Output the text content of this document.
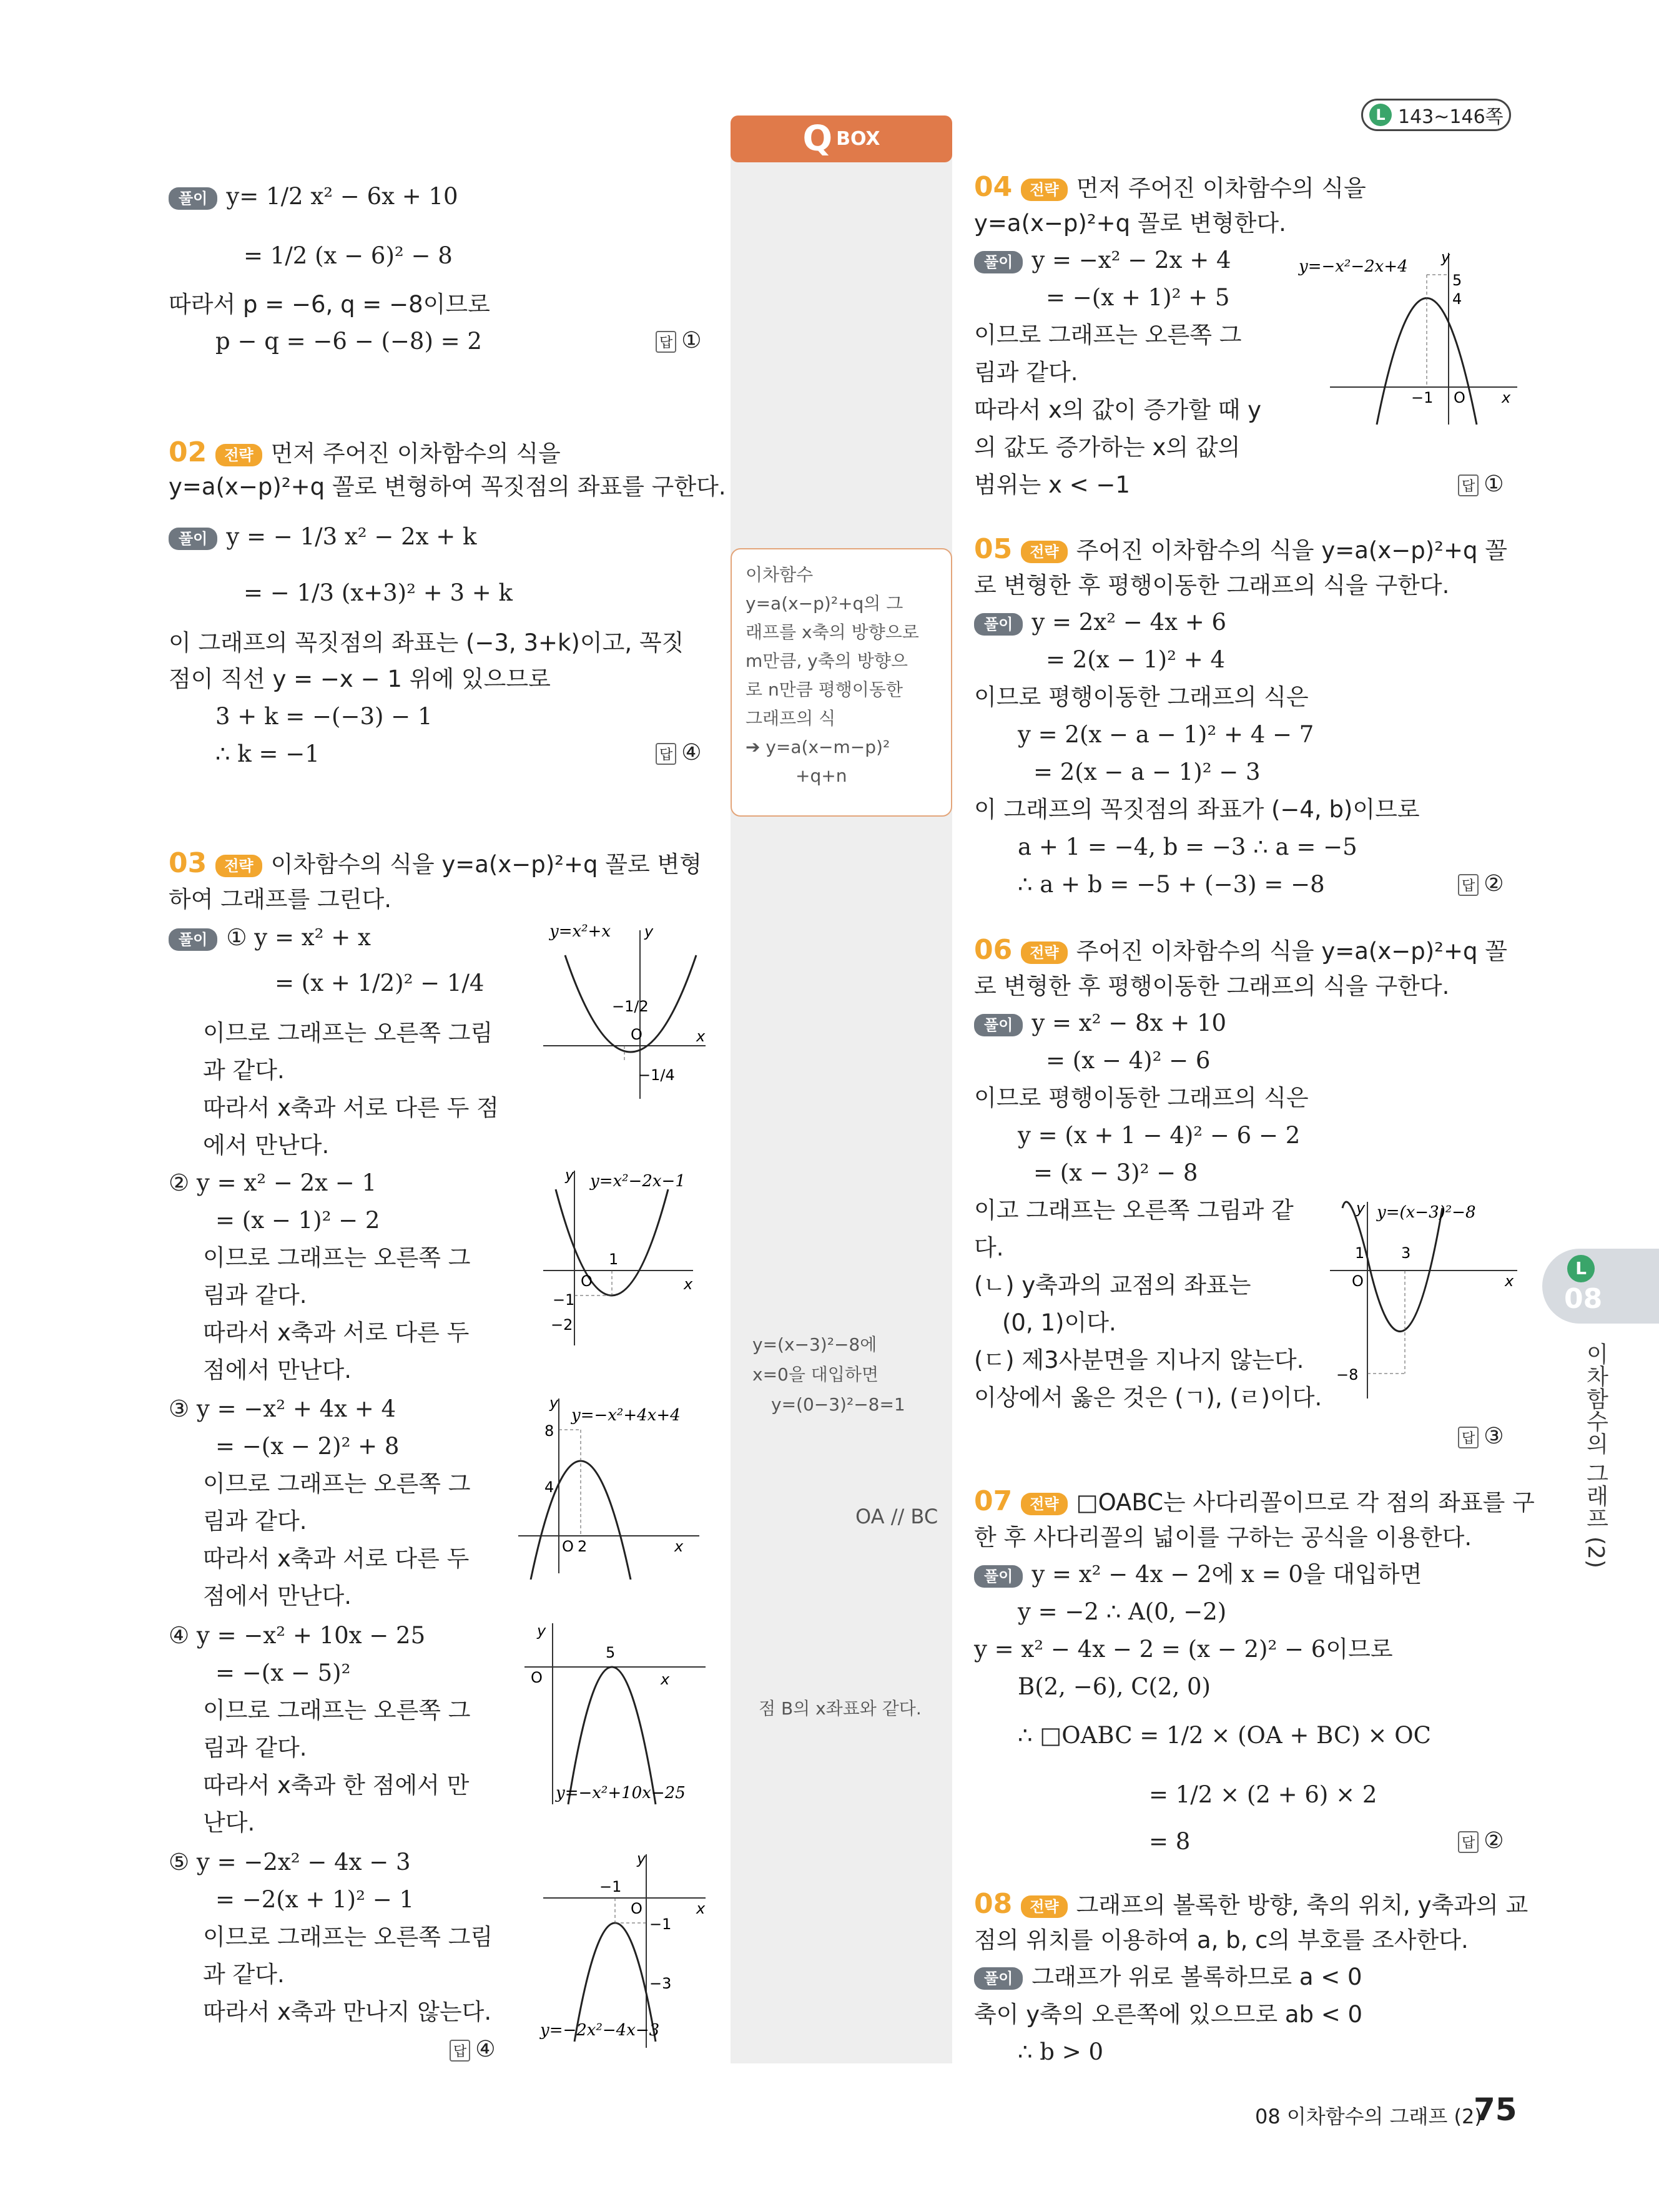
L 143~146쪽
Q BOX
풀이 y= 1/2 x² − 6x + 10
= 1/2 (x − 6)² − 8
따라서 p = −6, q = −8이므로
p − q = −6 − (−8) = 2	답 ①
02 전략 먼저 주어진 이차함수의 식을
y=a(x−p)²+q 꼴로 변형하여 꼭짓점의 좌표를 구한다.
풀이 y = − 1/3 x² − 2x + k
= − 1/3 (x+3)² + 3 + k
이 그래프의 꼭짓점의 좌표는 (−3, 3+k)이고, 꼭짓
점이 직선 y = −x − 1 위에 있으므로
3 + k = −(−3) − 1
∴ k = −1	답 ④
03 전략 이차함수의 식을 y=a(x−p)²+q 꼴로 변형
하여 그래프를 그린다.
풀이 ① y = x² + x
= (x + 1/2)² − 1/4
이므로 그래프는 오른쪽 그림
과 같다.
따라서 x축과 서로 다른 두 점
에서 만난다.
② y = x² − 2x − 1
= (x − 1)² − 2
이므로 그래프는 오른쪽 그
림과 같다.
따라서 x축과 서로 다른 두
점에서 만난다.
③ y = −x² + 4x + 4
= −(x − 2)² + 8
이므로 그래프는 오른쪽 그
림과 같다.
따라서 x축과 서로 다른 두
점에서 만난다.
④ y = −x² + 10x − 25
= −(x − 5)²
이므로 그래프는 오른쪽 그
림과 같다.
따라서 x축과 한 점에서 만
난다.
⑤ y = −2x² − 4x − 3
= −2(x + 1)² − 1
이므로 그래프는 오른쪽 그림
과 같다.
따라서 x축과 만나지 않는다.
답 ④
y=x²+x y
−1/2
−1/4
O	x
y=x²−2x−1
y
1
−1
−2
O	x
y=−x²+4x+4
y
8
4
O 2	x
y
5
O	x
y=−x²+10x−25
y
−1
−1
−3
O	x
y=−2x²−4x−3
이차함수
y=a(x−p)²+q의 그
래프를 x축의 방향으로
m만큼, y축의 방향으
로 n만큼 평행이동한
그래프의 식
➔ y=a(x−m−p)²
+q+n
y=(x−3)²−8에
x=0을 대입하면
y=(0−3)²−8=1
OA // BC
점 B의 x좌표와 같다.
04 전략 먼저 주어진 이차함수의 식을
y=a(x−p)²+q 꼴로 변형한다.
풀이 y = −x² − 2x + 4
= −(x + 1)² + 5
이므로 그래프는 오른쪽 그
림과 같다.
따라서 x의 값이 증가할 때 y
의 값도 증가하는 x의 값의
범위는 x < −1	답 ①
y=−x²−2x+4 y
5
4
−1 O x
05 전략 주어진 이차함수의 식을 y=a(x−p)²+q 꼴
로 변형한 후 평행이동한 그래프의 식을 구한다.
풀이 y = 2x² − 4x + 6
= 2(x − 1)² + 4
이므로 평행이동한 그래프의 식은
y = 2(x − a − 1)² + 4 − 7
= 2(x − a − 1)² − 3
이 그래프의 꼭짓점의 좌표가 (−4, b)이므로
a + 1 = −4, b = −3 ∴ a = −5
∴ a + b = −5 + (−3) = −8	답 ②
06 전략 주어진 이차함수의 식을 y=a(x−p)²+q 꼴
로 변형한 후 평행이동한 그래프의 식을 구한다.
풀이 y = x² − 8x + 10
= (x − 4)² − 6
이므로 평행이동한 그래프의 식은
y = (x + 1 − 4)² − 6 − 2
= (x − 3)² − 8
이고 그래프는 오른쪽 그림과 같
다.
(ㄴ) y축과의 교점의 좌표는
(0, 1)이다.
(ㄷ) 제3사분면을 지나지 않는다.
이상에서 옳은 것은 (ㄱ), (ㄹ)이다.
답 ③
y=(x−3)²−8
y
1 3
−8
O	x
07 전략 □OABC는 사다리꼴이므로 각 점의 좌표를 구
한 후 사다리꼴의 넓이를 구하는 공식을 이용한다.
풀이 y = x² − 4x − 2에 x = 0을 대입하면
y = −2 ∴ A(0, −2)
y = x² − 4x − 2 = (x − 2)² − 6이므로
B(2, −6), C(2, 0)
∴ □OABC = 1/2 × (OA + BC) × OC
= 1/2 × (2 + 6) × 2
= 8	답 ②
08 전략 그래프의 볼록한 방향, 축의 위치, y축과의 교
점의 위치를 이용하여 a, b, c의 부호를 조사한다.
풀이 그래프가 위로 볼록하므로 a < 0
축이 y축의 오른쪽에 있으므로 ab < 0
∴ b > 0
L
08
이차함수의 그래프 (2)
08 이차함수의 그래프 (2)
75
